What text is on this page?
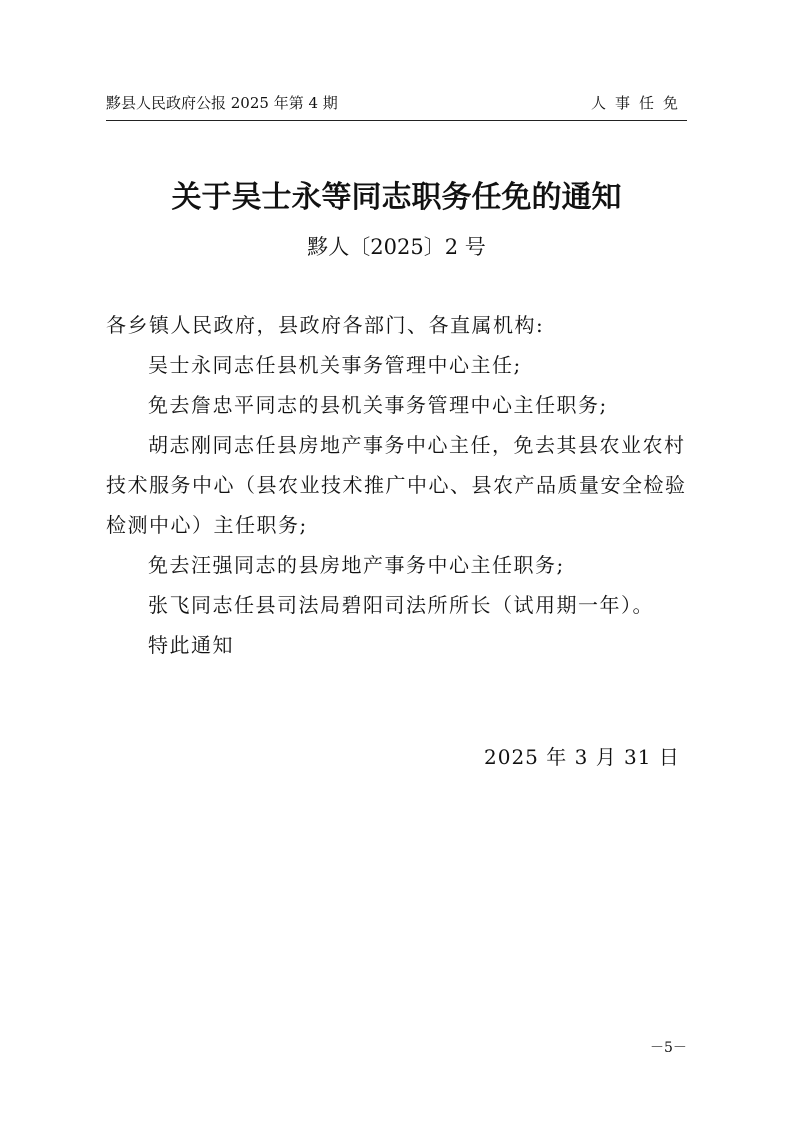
黟县人民政府公报 2025 年第 4 期	人事任免
关于吴士永等同志职务任免的通知
黟人〔2025〕2 号

各乡镇人民政府，县政府各部门、各直属机构:

吴士永同志任县机关事务管理中心主任;

免去詹忠平同志的县机关事务管理中心主任职务;

胡志刚同志任县房地产事务中心主任，免去其县农业农村技术服务中心（县农业技术推广中心、县农产品质量安全检验检测中心）主任职务;

免去汪强同志的县房地产事务中心主任职务;

张飞同志任县司法局碧阳司法所所长（试用期一年）。

特此通知

2025 年 3 月 31 日
－5－
